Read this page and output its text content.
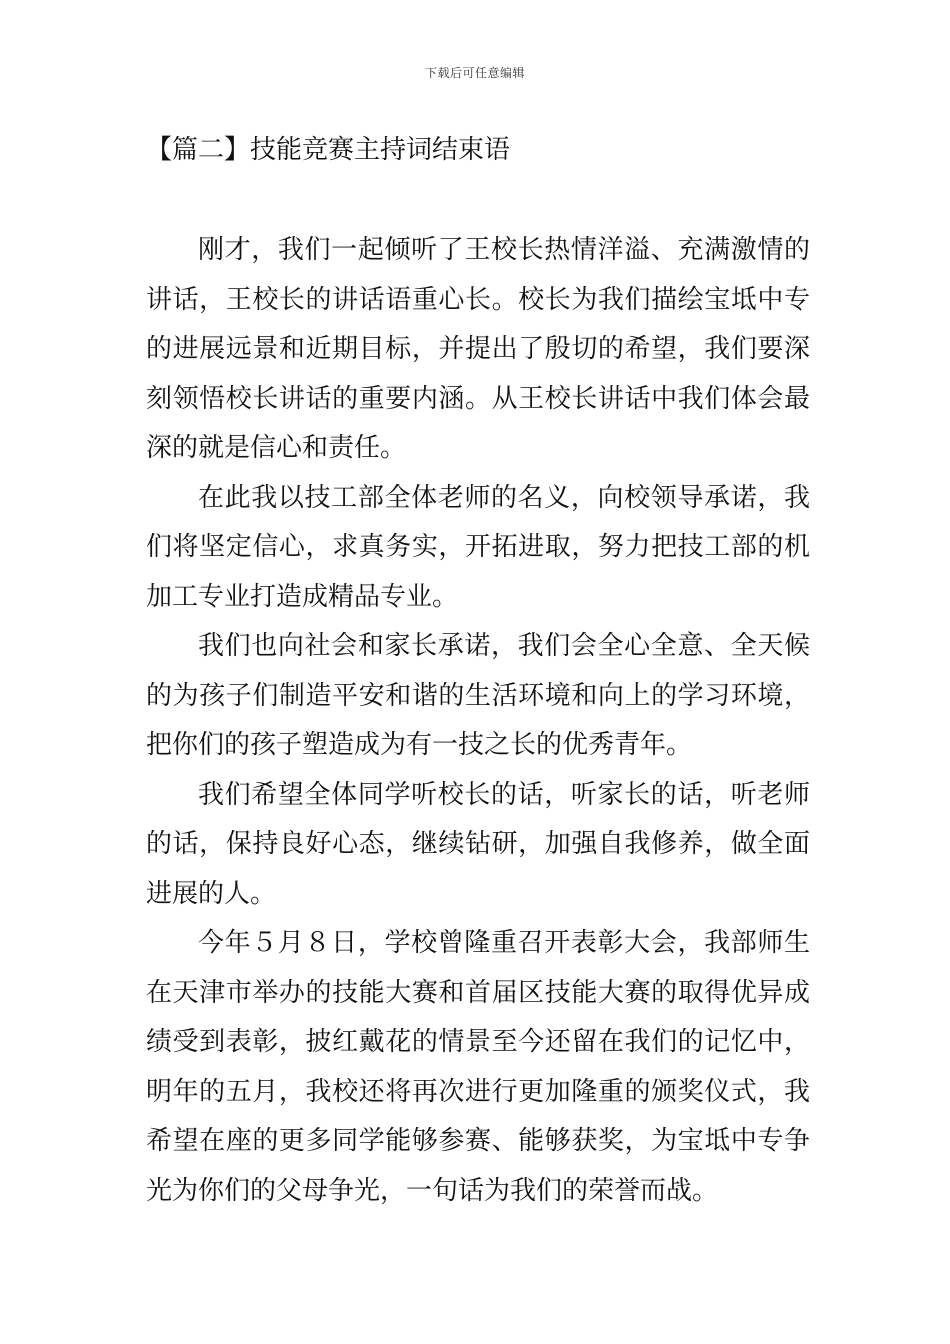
下载后可任意编辑
【篇二】技能竞赛主持词结束语

刚才，我们一起倾听了王校长热情洋溢、充满激情的讲话，王校长的讲话语重心长。校长为我们描绘宝坻中专的进展远景和近期目标，并提出了殷切的希望，我们要深刻领悟校长讲话的重要内涵。从王校长讲话中我们体会最深的就是信心和责任。

在此我以技工部全体老师的名义，向校领导承诺，我们将坚定信心，求真务实，开拓进取，努力把技工部的机加工专业打造成精品专业。

我们也向社会和家长承诺，我们会全心全意、全天候的为孩子们制造平安和谐的生活环境和向上的学习环境，把你们的孩子塑造成为有一技之长的优秀青年。

我们希望全体同学听校长的话，听家长的话，听老师的话，保持良好心态，继续钻研，加强自我修养，做全面进展的人。

今年５月８日，学校曾隆重召开表彰大会，我部师生在天津市举办的技能大赛和首届区技能大赛的取得优异成绩受到表彰，披红戴花的情景至今还留在我们的记忆中，明年的五月，我校还将再次进行更加隆重的颁奖仪式，我希望在座的更多同学能够参赛、能够获奖，为宝坻中专争光为你们的父母争光，一句话为我们的荣誉而战。
